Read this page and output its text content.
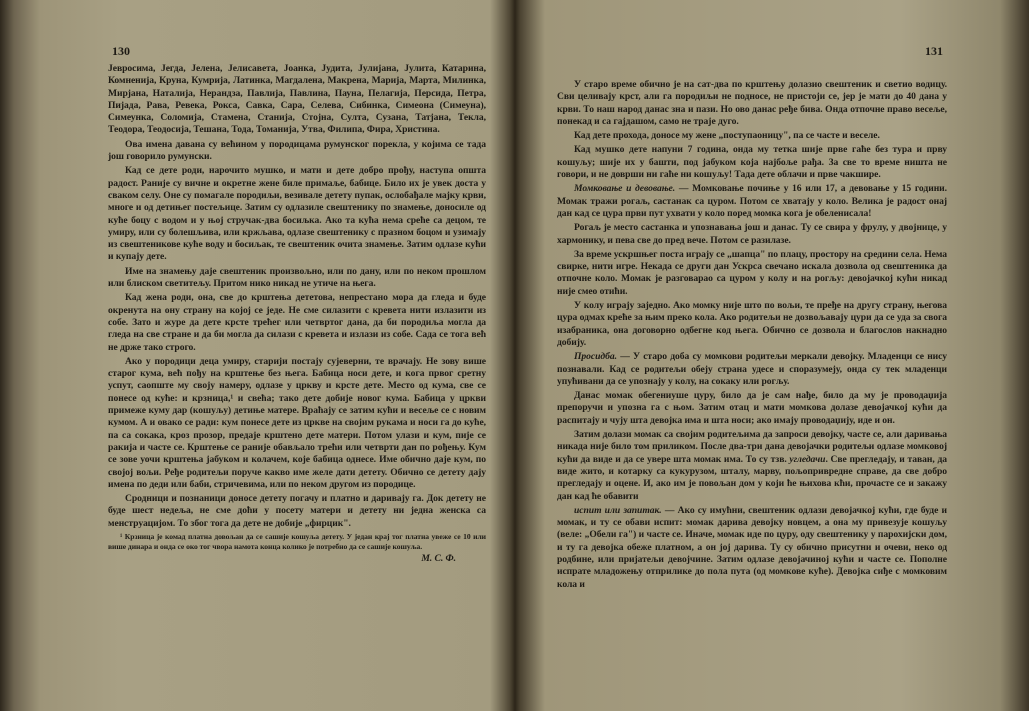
130

Јевросима, Јегда, Јелена, Јелисавета, Јоанка, Јудита, Јулијана, Јулита, Катарина, Комненија, Круна, Кумрија, Латинка, Магдалена, Макрена, Марија, Марта, Милинка, Мирјана, Наталија, Нерандза, Павлија, Павлина, Пауна, Пелагија, Персида, Петра, Пијада, Рава, Ревека, Рокса, Савка, Сара, Селева, Сибинка, Симеона (Симеуна), Симеунка, Соломија, Стамена, Станија, Стојна, Султа, Сузана, Татјана, Текла, Теодора, Теодосија, Тешана, Тода, Томанија, Утва, Филипа, Фира, Христина.

Ова имена давана су већином у породицама румунског порекла, у којима се тада још говорило румунски.

Кад се дете роди, нарочито мушко, и мати и дете добро прођу, наступа општа радост. Раније су вичне и окретне жене биле примаље, бабице. Било их је увек доста у сваком селу. Оне су помагале породиљи, везивале детету пупак, ослобађале мајку крви, многе и од детињег постељице. Затим су одлазиле свештенику по знамење, доносиле од куће боцу с водом и у њој стручак-два босиљка. Ако та кућа нема среће са децом, те умиру, или су болешљива, или кржљава, одлазе свештенику с празном боцом и узимају из свештеникове куће воду и босиљак, те свештеник очита знамење. Затим одлазе кући и купају дете.

Име на знамењу даје свештеник произвољно, или по дану, или по неком прошлом или блиском светитељу. Притом нико никад не утиче на њега.

Кад жена роди, она, све до крштења дететова, непрестано мора да гледа и буде окренута на ону страну на којој се једе. Не сме силазити с кревета нити излазити из собе. Зато и журе да дете крсте трећег или четвртог дана, да би породиља могла да гледа на све стране и да би могла да силази с кревета и излази из собе. Сада се тога већ не држе тако строго.

Ако у породици деца умиру, старији постају сујеверни, те врачају. Не зову више старог кума, већ пођу на крштење без њега. Бабица носи дете, и кога првог сретну успут, саопште му своју намеру, одлазе у цркву и крсте дете. Место од кума, све се понесе од куће: и крзница,¹ и свећа; тако дете добије новог кума. Бабица у цркви примеже куму дар (кошуљу) детиње матере. Враћају се затим кући и весеље се с новим кумом. А и овако се ради: кум понесе дете из цркве на својим рукама и носи га до куће, па са сокака, кроз прозор, предаје крштено дете матери. Потом улази и кум, пије се ракија и часте се. Крштење се раније обављало трећи или четврти дан по рођењу. Кум се зове уочи крштења јабуком и колачем, које бабица однесе. Име обично даје кум, по својој вољи. Ређе родитељи поруче какво име желе дати детету. Обично се детету дају имена по деди или баби, стричевима, или по неком другом из породице.

Сродници и познаници доносе детету погачу и платно и даривају га. Док детету не буде шест недеља, не сме доћи у посету матери и детету ни једна женска са менструацијом. То због тога да дете не добије „фирцик".

¹ Крзница је комад платна довољан да се сашије кошуља детету. У један крај тог платна увеже се 10 или више динара и онда се око тог чвора намота конца колико је потребно да се сашије кошуља.

М. С. Ф.

131

У старо време обично је на сат-два по крштењу долазио свештеник и светио водицу. Сви целивају крст, али га породиљи не подносе, не пристоји се, јер је мати до 40 дана у крви. То наш народ данас зна и пази. Но ово данас ређе бива. Онда отпочне право весеље, понекад и са гајдашом, само не траје дуго.

Кад дете прохода, доносе му жене „поступаоницу", па се часте и веселе.

Кад мушко дете напуни 7 година, онда му тетка шије прве гаће без тура и прву кошуљу; шије их у башти, под јабуком која најбоље рађа. За све то време ништа не говори, и не доврши ни гаће ни кошуљу! Тада дете облачи и прве чакшире.

Момковање и девовање. — Момковање почиње у 16 или 17, а девовање у 15 години. Момак тражи рогаљ, састанак са цуром. Потом се хватају у коло. Велика је радост онај дан кад се цура први пут ухвати у коло поред момка кога је обеленисала!

Рогаљ је место састанка и упознавања још и данас. Ту се свира у фрулу, у двојнице, у хармонику, и пева све до пред вече. Потом се разилазе.

За време ускршњег поста играју се „шапца" по плацу, простору на средини села. Нема свирке, нити игре. Некада се други дан Ускрса свечано искала дозвола од свештеника да отпочне коло. Момак је разговарао са цуром у колу и на рогљу: девојачкој кући никад није смео отићи.

У колу играју заједно. Ако момку није што по вољи, те пређе на другу страну, његова цура одмах креће за њим преко кола. Ако родитељи не дозвољавају цури да се уда за свога изабраника, она договорно одбегне код њега. Обично се дозвола и благослов накнадно добију.

Просидба. — У старо доба су момкови родитељи меркали девојку. Младенци се нису познавали. Кад се родитељи обеју страна удесе и споразумеју, онда су тек младенци упућивани да се упознају у колу, на сокаку или рогљу.

Данас момак обегениуше цуру, било да је сам нађе, било да му је проводаџија препоручи и упозна га с њом. Затим отац и мати момкова долазе девојачкој кући да распитају и чују шта девојка има и шта носи; ако имају проводаџију, иде и он.

Затим долази момак са својим родитељима да запроси девојку, часте се, али даривања никада није било том приликом. После два-три дана девојачки родитељи одлазе момковој кући да виде и да се увере шта момак има. То су тзв. угледачи. Све прегледају, и таван, да виде жито, и котарку са кукурузом, шталу, марву, пољопривредне справе, да све добро прегледају и оцене. И, ако им је повољан дом у који ће њихова кћи, прочасте се и закажу дан кад ће обавити

испит или запитак. — Ако су имућни, свештеник одлази девојачкој кући, где буде и момак, и ту се обави испит: момак дарива девојку новцем, а она му привезује кошуљу (веле: „Обели га") и часте се. Иначе, момак иде по цуру, оду свештенику у парохијски дом, и ту га девојка обеже платном, а он јој дарива. Ту су обично присутни и очеви, неко од родбине, или пријатељи девојчине. Затим одлазе девојачиној кући и часте се. Пополне испрате младожењу отприлике до пола пута (од момкове куће). Девојка сиђе с момковим кола и
